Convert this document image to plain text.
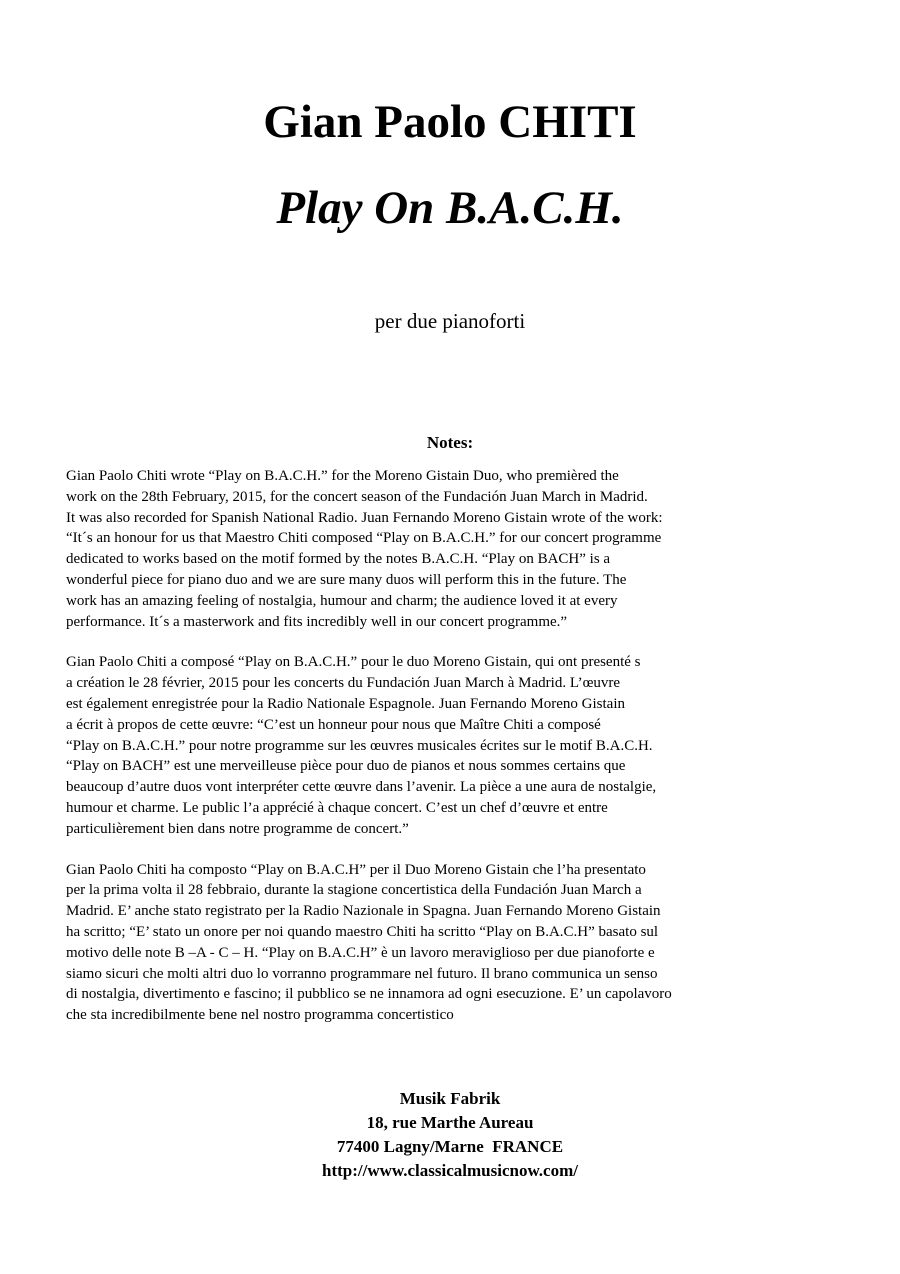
Gian Paolo CHITI
Play On B.A.C.H.
per due pianoforti
Notes:
Gian Paolo Chiti wrote “Play on B.A.C.H.” for the Moreno Gistain Duo, who premièred the
work on the 28th February, 2015, for the concert season of the Fundación Juan March in Madrid.
It was also recorded for Spanish National Radio. Juan Fernando Moreno Gistain wrote of the work:
“It´s an honour for us that Maestro Chiti composed “Play on B.A.C.H.” for our concert programme
dedicated to works based on the motif formed by the notes B.A.C.H. “Play on BACH” is a
wonderful piece for piano duo and we are sure many duos will perform this in the future. The
work has an amazing feeling of nostalgia, humour and charm; the audience loved it at every
performance. It´s a masterwork and fits incredibly well in our concert programme.”
Gian Paolo Chiti a composé “Play on B.A.C.H.” pour le duo Moreno Gistain, qui ont presenté s
a création le 28 février, 2015 pour les concerts du Fundación Juan March à Madrid. L’œuvre
est également enregistrée pour la Radio Nationale Espagnole. Juan Fernando Moreno Gistain
a écrit à propos de cette œuvre: “C’est un honneur pour nous que Maître Chiti a composé
“Play on B.A.C.H.” pour notre programme sur les œuvres musicales écrites sur le motif B.A.C.H.
“Play on BACH” est une merveilleuse pièce pour duo de pianos et nous sommes certains que
beaucoup d’autre duos vont interpréter cette œuvre dans l’avenir. La pièce a une aura de nostalgie,
humour et charme. Le public l’a apprécié à chaque concert. C’est un chef d’œuvre et entre
particulièrement bien dans notre programme de concert.”
Gian Paolo Chiti ha composto “Play on B.A.C.H” per il Duo Moreno Gistain che l’ha presentato
per la prima volta il 28 febbraio, durante la stagione concertistica della Fundación Juan March a
Madrid. E’ anche stato registrato per la Radio Nazionale in Spagna. Juan Fernando Moreno Gistain
ha scritto; “E’ stato un onore per noi quando maestro Chiti ha scritto “Play on B.A.C.H” basato sul
motivo delle note B –A - C – H. “Play on B.A.C.H” è un lavoro meraviglioso per due pianoforte e
siamo sicuri che molti altri duo lo vorranno programmare nel futuro. Il brano communica un senso
di nostalgia, divertimento e fascino; il pubblico se ne innamora ad ogni esecuzione. E’ un capolavoro
che sta incredibilmente bene nel nostro programma concertistico
Musik Fabrik
18, rue Marthe Aureau
77400 Lagny/Marne  FRANCE
http://www.classicalmusicnow.com/
